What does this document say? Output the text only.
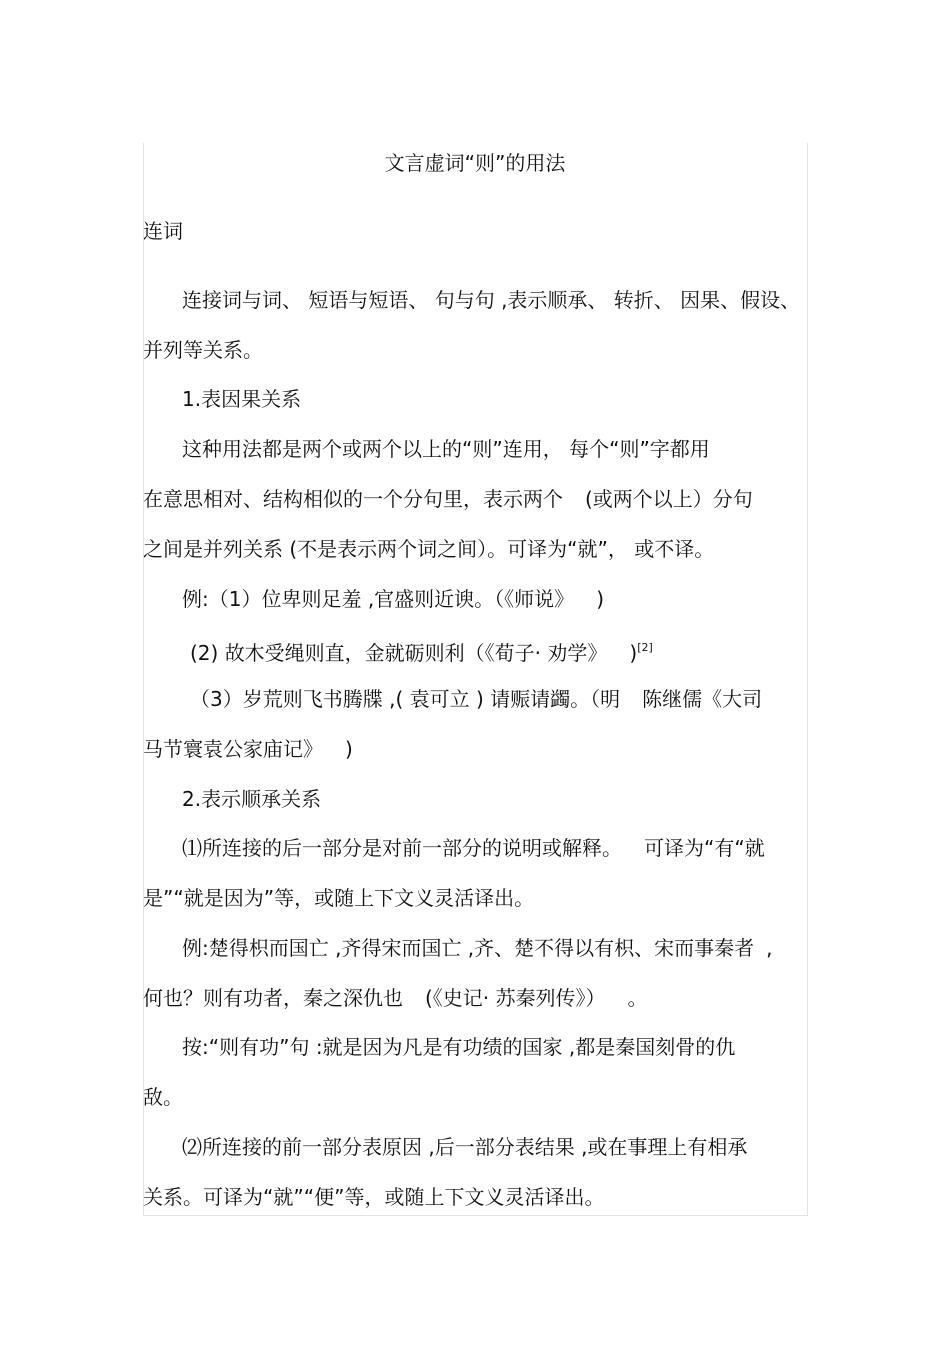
文言虚词“则”的用法
连词
连接词与词、 短语与短语、 句与句 ,表示顺承、 转折、 因果、假设、
并列等关系。
1.表因果关系
这种用法都是两个或两个以上的“则”连用， 每个“则”字都用
在意思相对、结构相似的一个分句里，表示两个 (或两个以上）分句
之间是并列关系 (不是表示两个词之间）。可译为“就”， 或不译。
例:（1）位卑则足羞 ,官盛则近谀。（《师说》 )
(2) 故木受绳则直，金就砺则利（《荀子· 劝学》 )[2]
（3）岁荒则飞书腾牒 ,( 袁可立 ) 请赈请蠲。（明 陈继儒《大司
马节寰袁公家庙记》 )
2.表示顺承关系
⑴所连接的后一部分是对前一部分的说明或解释。 可译为“有“就
是”“就是因为”等，或随上下文义灵活译出。
例:楚得枳而国亡 ,齐得宋而国亡 ,齐、楚不得以有枳、宋而事秦者 ,
何也？则有功者，秦之深仇也 (《史记· 苏秦列传》） 。
按:“则有功”句 :就是因为凡是有功绩的国家 ,都是秦国刻骨的仇
敌。
⑵所连接的前一部分表原因 ,后一部分表结果 ,或在事理上有相承
关系。可译为“就”“便”等，或随上下文义灵活译出。
